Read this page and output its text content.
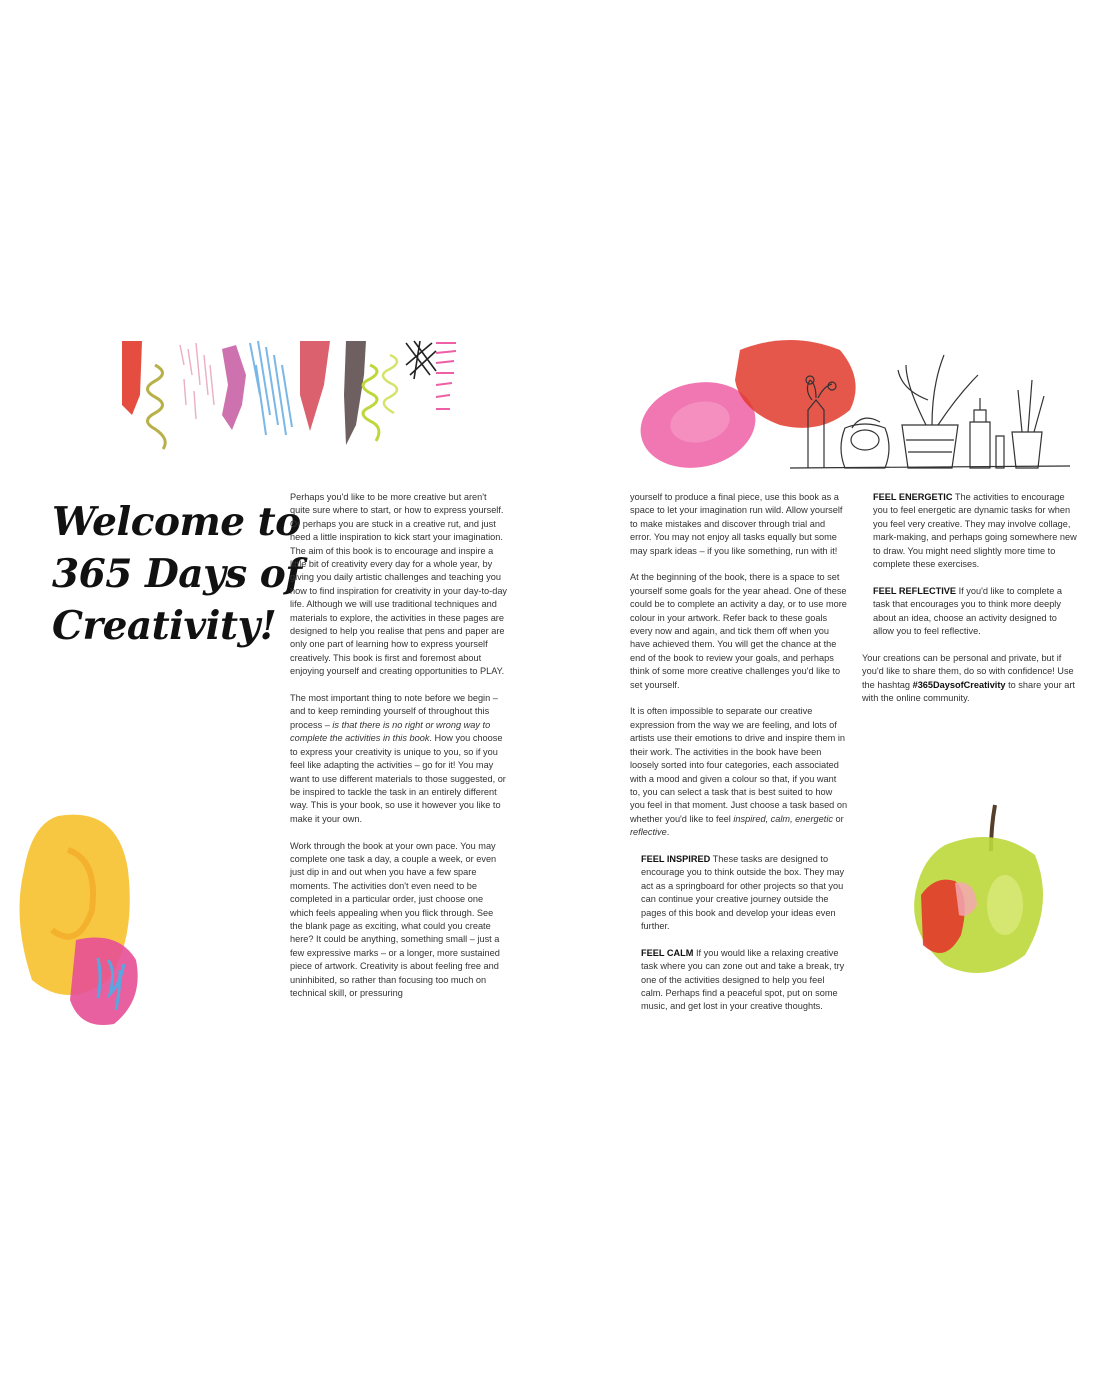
Welcome to
365 Days of
Creativity!

Perhaps you'd like to be more creative but aren't quite sure where to start, or how to express yourself. Or perhaps you are stuck in a creative rut, and just need a little inspiration to kick start your imagination. The aim of this book is to encourage and inspire a little bit of creativity every day for a whole year, by giving you daily artistic challenges and teaching you how to find inspiration for creativity in your day-to-day life. Although we will use traditional techniques and materials to explore, the activities in these pages are designed to help you realise that pens and paper are only one part of learning how to express yourself creatively. This book is first and foremost about enjoying yourself and creating opportunities to PLAY.

The most important thing to note before we begin – and to keep reminding yourself of throughout this process – is that there is no right or wrong way to complete the activities in this book. How you choose to express your creativity is unique to you, so if you feel like adapting the activities – go for it! You may want to use different materials to those suggested, or be inspired to tackle the task in an entirely different way. This is your book, so use it however you like to make it your own.

Work through the book at your own pace. You may complete one task a day, a couple a week, or even just dip in and out when you have a few spare moments. The activities don't even need to be completed in a particular order, just choose one which feels appealing when you flick through. See the blank page as exciting, what could you create here? It could be anything, something small – just a few expressive marks – or a longer, more sustained piece of artwork. Creativity is about feeling free and uninhibited, so rather than focusing too much on technical skill, or pressuring

yourself to produce a final piece, use this book as a space to let your imagination run wild. Allow yourself to make mistakes and discover through trial and error. You may not enjoy all tasks equally but some may spark ideas – if you like something, run with it!

At the beginning of the book, there is a space to set yourself some goals for the year ahead. One of these could be to complete an activity a day, or to use more colour in your artwork. Refer back to these goals every now and again, and tick them off when you have achieved them. You will get the chance at the end of the book to review your goals, and perhaps think of some more creative challenges you'd like to set yourself.

It is often impossible to separate our creative expression from the way we are feeling, and lots of artists use their emotions to drive and inspire them in their work. The activities in the book have been loosely sorted into four categories, each associated with a mood and given a colour so that, if you want to, you can select a task that is best suited to how you feel in that moment. Just choose a task based on whether you'd like to feel inspired, calm, energetic or reflective.

FEEL INSPIRED These tasks are designed to encourage you to think outside the box. They may act as a springboard for other projects so that you can continue your creative journey outside the pages of this book and develop your ideas even further.

FEEL CALM If you would like a relaxing creative task where you can zone out and take a break, try one of the activities designed to help you feel calm. Perhaps find a peaceful spot, put on some music, and get lost in your creative thoughts.

FEEL ENERGETIC The activities to encourage you to feel energetic are dynamic tasks for when you feel very creative. They may involve collage, mark-making, and perhaps going somewhere new to draw. You might need slightly more time to complete these exercises.

FEEL REFLECTIVE If you'd like to complete a task that encourages you to think more deeply about an idea, choose an activity designed to allow you to feel reflective.

Your creations can be personal and private, but if you'd like to share them, do so with confidence! Use the hashtag #365DaysofCreativity to share your art with the online community.
